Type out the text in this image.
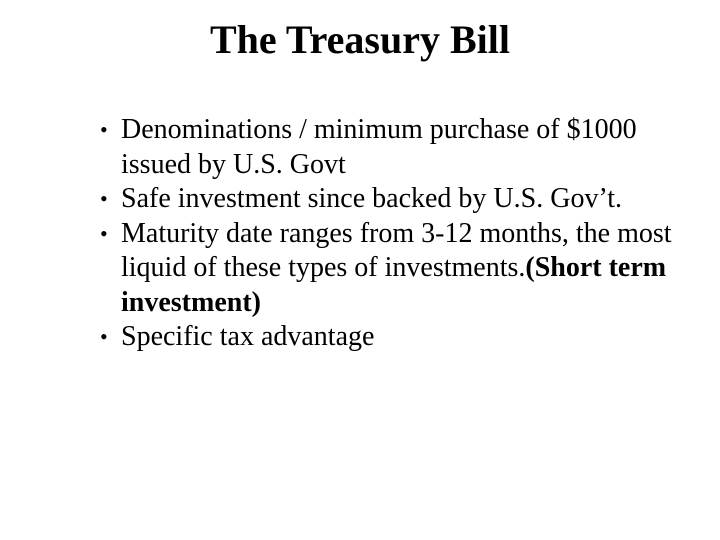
The Treasury Bill
• Denominations / minimum purchase of $1000 issued by U.S. Govt
• Safe investment since backed by U.S. Gov’t.
• Maturity date ranges from 3-12 months, the most liquid of these types of investments.(Short term investment)
• Specific tax advantage
